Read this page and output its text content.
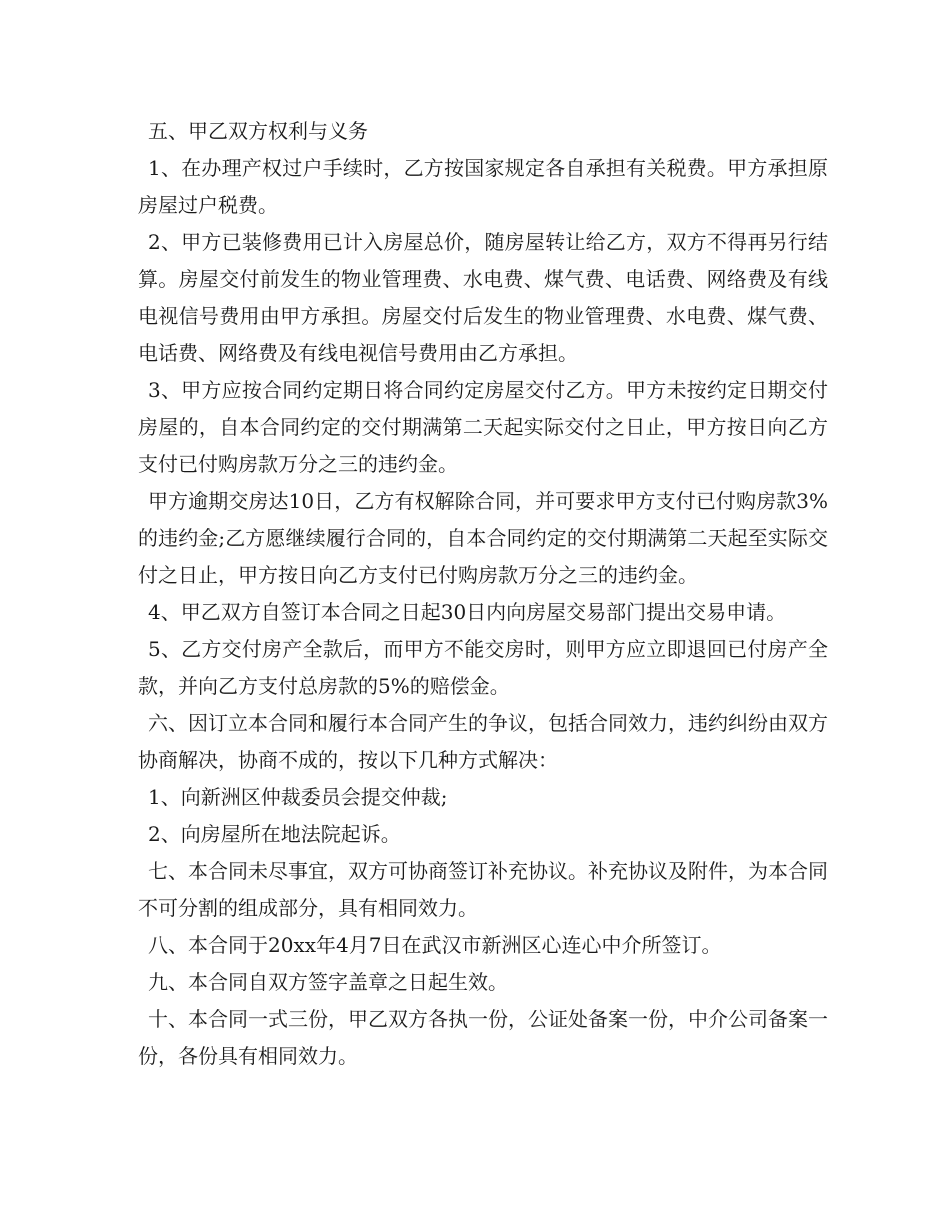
五、甲乙双方权利与义务

1、在办理产权过户手续时，乙方按国家规定各自承担有关税费。甲方承担原房屋过户税费。

2、甲方已装修费用已计入房屋总价，随房屋转让给乙方，双方不得再另行结算。房屋交付前发生的物业管理费、水电费、煤气费、电话费、网络费及有线电视信号费用由甲方承担。房屋交付后发生的物业管理费、水电费、煤气费、电话费、网络费及有线电视信号费用由乙方承担。

3、甲方应按合同约定期日将合同约定房屋交付乙方。甲方未按约定日期交付房屋的，自本合同约定的交付期满第二天起实际交付之日止，甲方按日向乙方支付已付购房款万分之三的违约金。

甲方逾期交房达10日，乙方有权解除合同，并可要求甲方支付已付购房款3%的违约金;乙方愿继续履行合同的，自本合同约定的交付期满第二天起至实际交付之日止，甲方按日向乙方支付已付购房款万分之三的违约金。

4、甲乙双方自签订本合同之日起30日内向房屋交易部门提出交易申请。

5、乙方交付房产全款后，而甲方不能交房时，则甲方应立即退回已付房产全款，并向乙方支付总房款的5%的赔偿金。

六、因订立本合同和履行本合同产生的争议，包括合同效力，违约纠纷由双方协商解决，协商不成的，按以下几种方式解决：

1、向新洲区仲裁委员会提交仲裁;

2、向房屋所在地法院起诉。

七、本合同未尽事宜，双方可协商签订补充协议。补充协议及附件，为本合同不可分割的组成部分，具有相同效力。

八、本合同于20xx年4月7日在武汉市新洲区心连心中介所签订。

九、本合同自双方签字盖章之日起生效。

十、本合同一式三份，甲乙双方各执一份，公证处备案一份，中介公司备案一份，各份具有相同效力。
